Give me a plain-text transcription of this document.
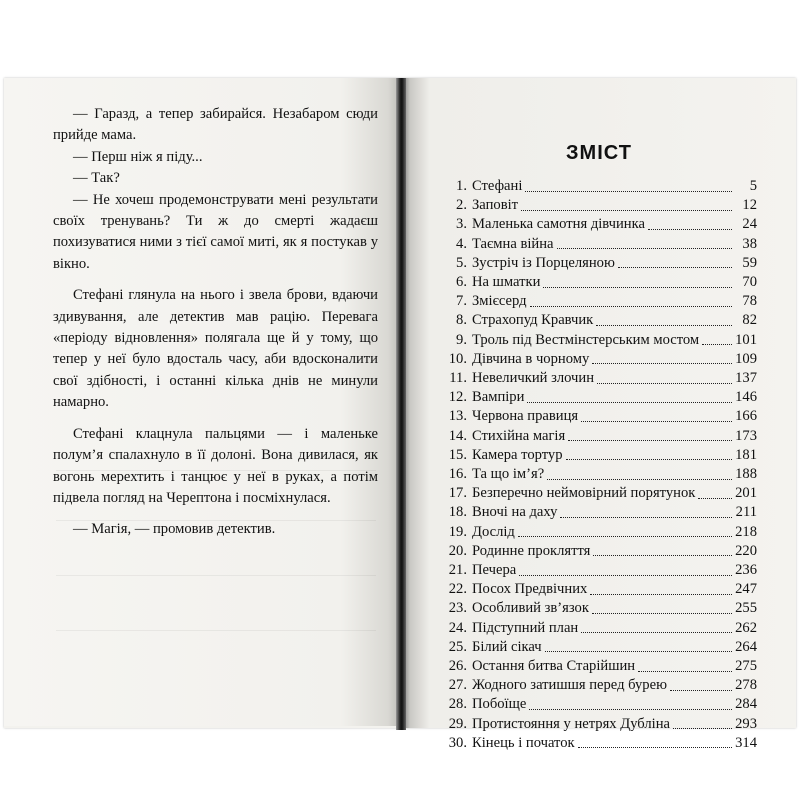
— Гаразд, а тепер забирайся. Незабаром сюди прийде мама.

— Перш ніж я піду...

— Так?

— Не хочеш продемонструвати мені результати своїх тренувань? Ти ж до смерті жадаєш похизуватися ними з тієї самої миті, як я постукав у вікно.

Стефані глянула на нього і звела брови, вдаючи здивування, але детектив мав рацію. Перевага «періоду відновлення» полягала ще й у тому, що тепер у неї було вдосталь часу, аби вдосконалити свої здібності, і останні кілька днів не минули намарно.

Стефані клацнула пальцями — і маленьке полум’я спалахнуло в її долоні. Вона дивилася, як вогонь мерехтить і танцює у неї в руках, а потім підвела погляд на Черептона і посміхнулася.

— Магія, — промовив детектив.

ЗМІСТ
1. Стефані	5
2. Заповіт	12
3. Маленька самотня дівчинка	24
4. Таємна війна	38
5. Зустріч із Порцеляною	59
6. На шматки	70
7. Змієсерд	78
8. Страхопуд Кравчик	82
9. Троль під Вестмінстерським мостом 101
10. Дівчина в чорному	109
11. Невеличкий злочин	137
12. Вампіри	146
13. Червона правиця	166
14. Стихійна магія	173
15. Камера тортур	181
16. Та що ім’я?	188
17. Безперечно неймовірний порятунок	201
18. Вночі на даху	211
19. Дослід	218
20. Родинне прокляття	220
21. Печера	236
22. Посох Предвічних	247
23. Особливий зв’язок	255
24. Підступний план	262
25. Білий сікач	264
26. Остання битва Старійшин	275
27. Жодного затишшя перед бурею	278
28. Побоїще	284
29. Протистояння у нетрях Дубліна	293
30. Кінець і початок	314
